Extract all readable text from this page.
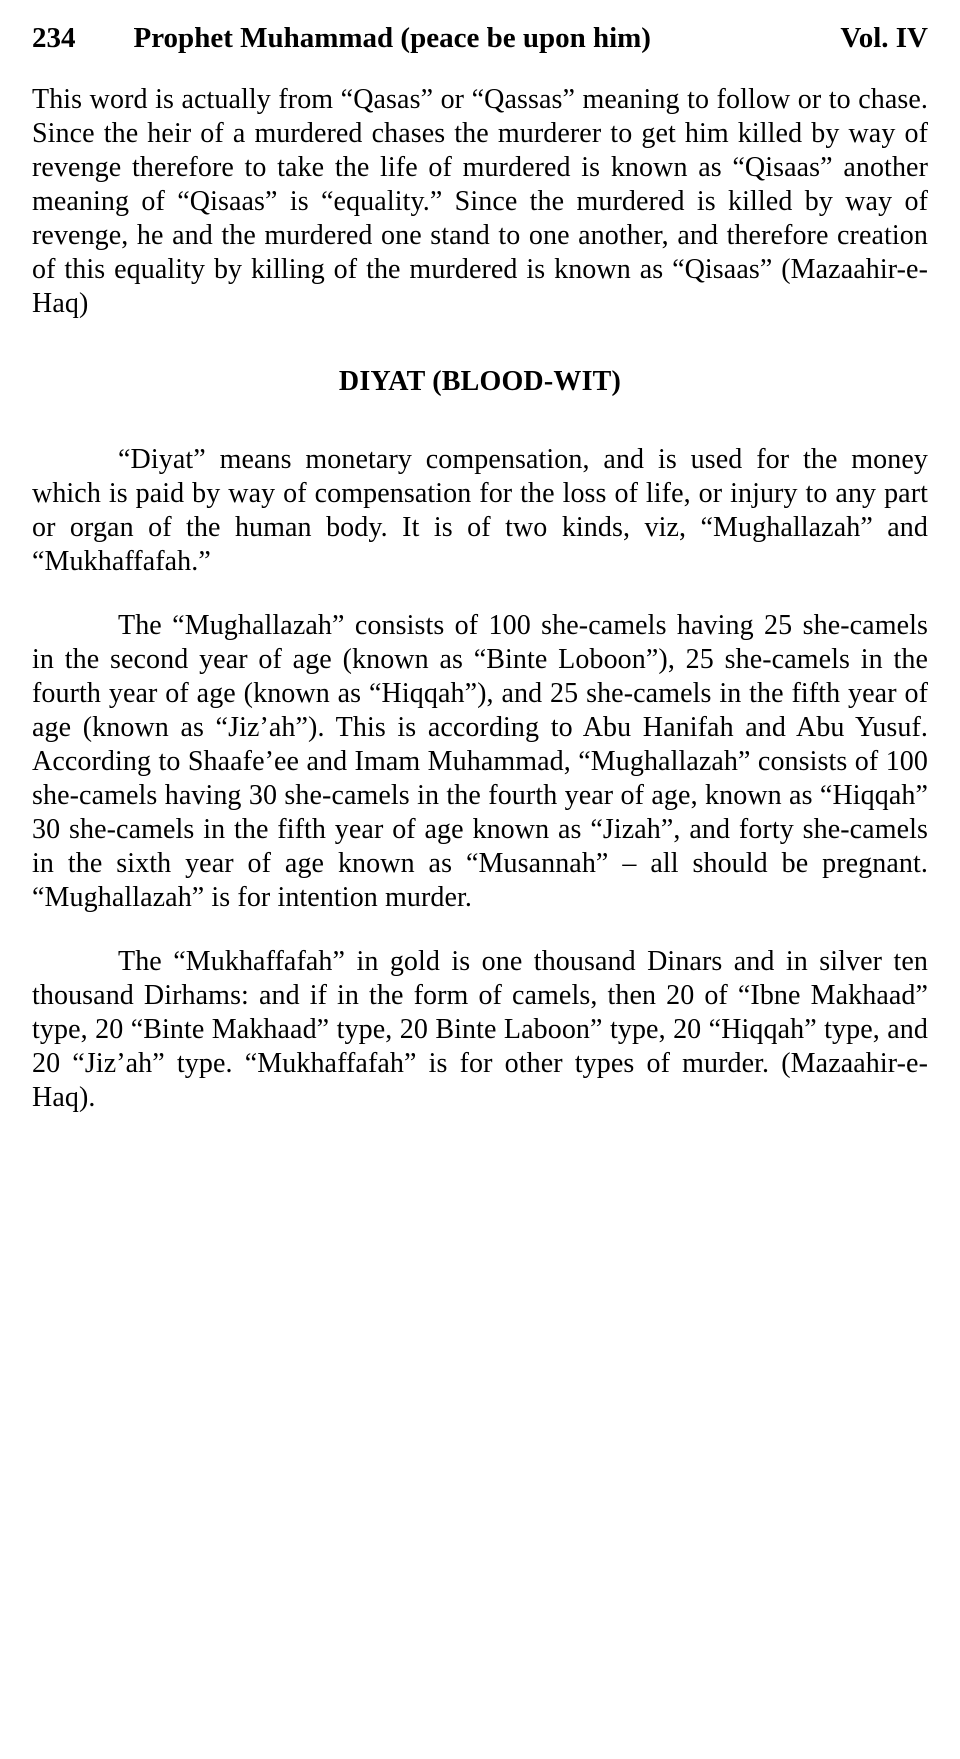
234 Prophet Muhammad (peace be upon him)	Vol. IV

This word is actually from “Qasas” or “Qassas” meaning to follow or to chase. Since the heir of a murdered chases the murderer to get him killed by way of revenge therefore to take the life of murdered is known as “Qisaas” another meaning of “Qisaas” is “equality.” Since the murdered is killed by way of revenge, he and the murdered one stand to one another, and therefore creation of this equality by killing of the murdered is known as “Qisaas” (Mazaahir-e-Haq)

DIYAT (BLOOD-WIT)

“Diyat” means monetary compensation, and is used for the money which is paid by way of compensation for the loss of life, or injury to any part or organ of the human body. It is of two kinds, viz, “Mughallazah” and “Mukhaffafah.”

The “Mughallazah” consists of 100 she-camels having 25 she-camels in the second year of age (known as “Binte Loboon”), 25 she-camels in the fourth year of age (known as “Hiqqah”), and 25 she-camels in the fifth year of age (known as “Jiz’ah”). This is according to Abu Hanifah and Abu Yusuf. According to Shaafe’ee and Imam Muhammad, “Mughallazah” consists of 100 she-camels having 30 she-camels in the fourth year of age, known as “Hiqqah” 30 she-camels in the fifth year of age known as “Jizah”, and forty she-camels in the sixth year of age known as “Musannah” – all should be pregnant. “Mughallazah” is for intention murder.

The “Mukhaffafah” in gold is one thousand Dinars and in silver ten thousand Dirhams: and if in the form of camels, then 20 of “Ibne Makhaad” type, 20 “Binte Makhaad” type, 20 Binte Laboon” type, 20 “Hiqqah” type, and 20 “Jiz’ah” type. “Mukhaffafah” is for other types of murder. (Mazaahir-e-Haq).
